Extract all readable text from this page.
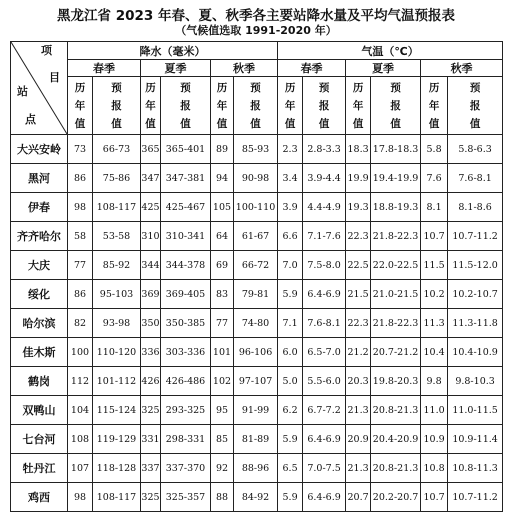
黑龙江省 2023 年春、夏、秋季各主要站降水量及平均气温预报表
（气候值选取 1991-2020 年）
项
目
站
点	降水（毫米）						气温（℃）					
	春季		夏季		秋季		春季		夏季		秋季	

	历
年
值	预
报
值	历
年
值	预
报
值	历
年
值	预
报
值	历
年
值	预
报
值	历
年
值	预
报
值	历
年
值	预
报
值

大兴安岭	73	66-73	365	365-401	89	85-93	2.3	2.8-3.3	18.3	17.8-18.3	5.8	5.8-6.3
黑河	86	75-86	347	347-381	94	90-98	3.4	3.9-4.4	19.9	19.4-19.9	7.6	7.6-8.1
伊春	98	108-117	425	425-467	105	100-110	3.9	4.4-4.9	19.3	18.8-19.3	8.1	8.1-8.6
齐齐哈尔	58	53-58	310	310-341	64	61-67	6.6	7.1-7.6	22.3	21.8-22.3	10.7	10.7-11.2
大庆	77	85-92	344	344-378	69	66-72	7.0	7.5-8.0	22.5	22.0-22.5	11.5	11.5-12.0
绥化	86	95-103	369	369-405	83	79-81	5.9	6.4-6.9	21.5	21.0-21.5	10.2	10.2-10.7
哈尔滨	82	93-98	350	350-385	77	74-80	7.1	7.6-8.1	22.3	21.8-22.3	11.3	11.3-11.8
佳木斯	100	110-120	336	303-336	101	96-106	6.0	6.5-7.0	21.2	20.7-21.2	10.4	10.4-10.9
鹤岗	112	101-112	426	426-486	102	97-107	5.0	5.5-6.0	20.3	19.8-20.3	9.8	9.8-10.3
双鸭山	104	115-124	325	293-325	95	91-99	6.2	6.7-7.2	21.3	20.8-21.3	11.0	11.0-11.5
七台河	108	119-129	331	298-331	85	81-89	5.9	6.4-6.9	20.9	20.4-20.9	10.9	10.9-11.4
牡丹江	107	118-128	337	337-370	92	88-96	6.5	7.0-7.5	21.3	20.8-21.3	10.8	10.8-11.3
鸡西	98	108-117	325	325-357	88	84-92	5.9	6.4-6.9	20.7	20.2-20.7	10.7	10.7-11.2
